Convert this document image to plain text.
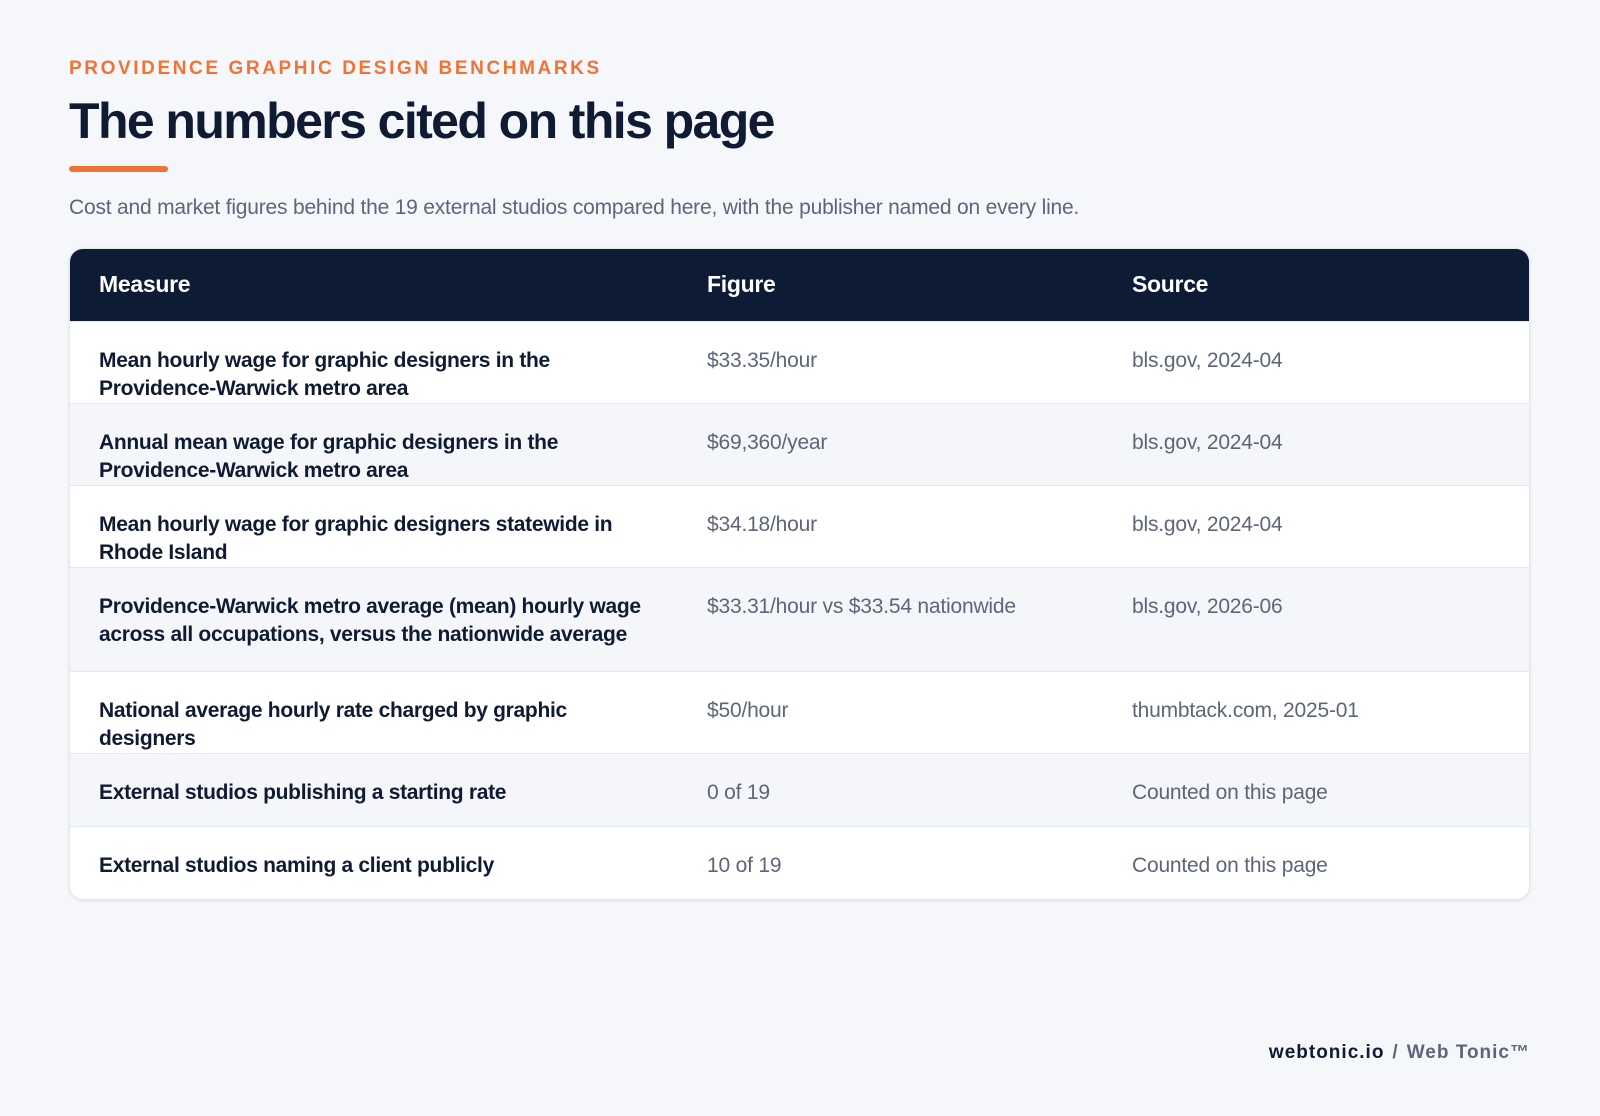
PROVIDENCE GRAPHIC DESIGN BENCHMARKS
The numbers cited on this page
Cost and market figures behind the 19 external studios compared here, with the publisher named on every line.
Measure	Figure	Source
Mean hourly wage for graphic designers in the Providence-Warwick metro area	$33.35/hour	bls.gov, 2024-04
Annual mean wage for graphic designers in the Providence-Warwick metro area	$69,360/year	bls.gov, 2024-04
Mean hourly wage for graphic designers statewide in Rhode Island	$34.18/hour	bls.gov, 2024-04
Providence-Warwick metro average (mean) hourly wage across all occupations, versus the nationwide average	$33.31/hour vs $33.54 nationwide	bls.gov, 2026-06
National average hourly rate charged by graphic designers	$50/hour	thumbtack.com, 2025-01
External studios publishing a starting rate	0 of 19	Counted on this page
External studios naming a client publicly	10 of 19	Counted on this page
webtonic.io / Web Tonic™
